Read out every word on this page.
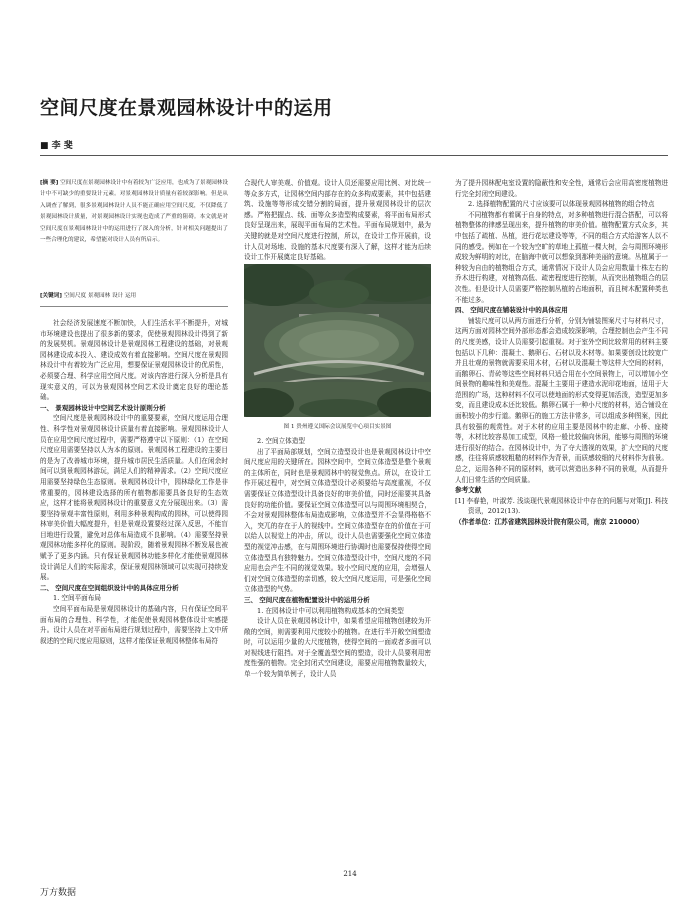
空间尺度在景观园林设计中的运用
■ 李 斐

[摘 要] 空间尺度在景观园林设计中有着较为广泛应用，也成为了景观园林设计中不可缺少的重要设计元素。对景观园林设计质量有着较深影响。但是从入调查了解到，很多景观园林设计人员不能正确应用空间尺度，不仅降低了景观园林设计质量，对景观园林设计实现也造成了严重的阻碍。本文就是对空间尺度在景观园林设计中的运用进行了深入的分析，针对相关问题提出了一些合理化的建议，希望能对设计人员有所启示。

[关键词] 空间尺度 景观园林 设计 运用

社会经济发展速度不断加快，人们生活水平不断提升，对城市环境建设也提出了很多新的要求，促使景观园林设计得到了新的发展契机。景观园林设计是景观园林工程建设的基础，对景观园林建设成本投入、建设成效有着直接影响。空间尺度在景观园林设计中有着较为广泛应用，想要保证景观园林设计的优质性，必须要合理、科学应用空间尺度。对该内容进行深入分析是具有现实意义的，可以为景观园林空间艺术设计奠定良好的理论基础。

一、 景观园林设计中空间艺术设计原则分析

空间尺度是景观园林设计中的重要要素，空间尺度运用合理性、科学性对景观园林设计质量有着直接影响。景观园林设计人员在应用空间尺度过程中，需要严格遵守以下原则：（1）在空间尺度应用需要坚持以人为本的原则。景观园林工程建设的主要目的是为了改善城市环境，提升城市居民生活质量。人们在闲余时间可以到景观园林游玩，满足人们的精神需求。（2）空间尺度应用需要坚持绿色生态原则。景观园林设计中，园林绿化工作是非常重要的，园林建设选择的所有植物都需要具备良好的生态效应，这样才能将景观园林设计的重要意义充分展现出来。（3）需要坚持景观丰富性原则，利用多种景观构成的园林，可以使得园林审美价值大幅度提升，但是景观设置要经过深入反思，不能盲目地进行设置，避免对总体布局造成不良影响。（4）需要坚持景观园林功能多样化的原则。现阶段，随着景观园林不断发展也被赋予了更多内涵。只有保证景观园林功能多样化才能使景观园林设计满足人们的实际需求，保证景观园林领域可以实现可持续发展。

二、 空间尺度在空间组织设计中的具体应用分析

1. 空间平面布局

空间平面布局是景观园林设计的基础内容，只有保证空间平面布局的合理性、科学性，才能促使景观园林整体设计实感提升。设计人员在对平面布局进行规划过程中，需要坚持上文中所叙述的空间尺度应用原则，这样才能保证景观园林整体布局符

合现代人审美观、价值观。设计人员还需要应用比例、对比统一等众多方式，让园林空间内部存在的众多构成要素，其中包括建筑、设施等等形成交错分割的局面，提升景观园林设计的层次感。严格把握点、线、面等众多造型构成要素，将平面布局形式良好呈现出来，展现平面布局的艺术性。平面布局规划中，最为关键的就是对空间尺度进行控制，所以，在设计工作开展前，设计人员对场地、设施的基本尺度要有深入了解，这样才能为后续设计工作开展奠定良好基础。

图 1 贵州遵义国际会议展览中心项目实景图

2. 空间立体造型

出了平面局部规划，空间立造型设计也是景观园林设计中空间尺度应用的关键所在。园林空间中，空间立体造型是整个景观的主体所在，同时也是景观园林中的视觉焦点。所以，在设计工作开展过程中，对空间立体造型设计必须要给与高度重视，不仅需要保证立体造型设计具备良好的审美价值，同时还需要其具备良好的功能价值。要保证空间立体造型可以与周围环境相契合，不会对景观园林整体布局造成影响，立体造型并不会显得格格不入，突兀的存在于人的视线中。空间立体造型存在的价值在于可以给人以视觉上的冲击，所以，设计人员也需要强化空间立体造型的视觉冲击感，在与周围环境进行协调时也需要保持使得空间立体造型具有独特魅力。空间立体造型设计中，空间尺度的不同应用也会产生不同的视觉效果。较小空间尺度的应用，会增强人们对空间立体造型的亲切感，较大空间尺度运用，可是强化空间立体造型的气势。

三、 空间尺度在植物配置设计中的运用分析

1. 在园林设计中可以利用植物构成基本的空间类型

设计人员在景观园林设计中，如果希望应用植物创建较为开敞的空间，则需要利用尺度较小的植物。在进行半开敞空间塑造时，可以运用少量的大尺度植物，使得空间的一面或者多面可以对视线进行阻挡。对于全覆盖型空间的塑造，设计人员要利用密度性强的植物。完全封闭式空间建设，需要应用植物数量较大，单一个较为简单例子，设计人员

为了提升园林配电室设置的隐蔽性和安全性，通常后会应用高密度植物进行完全封闭空间建设。

2. 选择植物配置的尺寸应该要可以体现景观园林植物的组合特点

不同植物都有着属于自身的特点，对多种植物进行混合搭配，可以将植物整体的律感呈现出来，提升植物的审美价值。植物配置方式众多，其中包括了疏植、丛植，进行花坛建设等等，不同的组合方式给游客人以不同的感受。例如在一个较为空旷的草地上孤植一棵大树，会与周围环境形成较为鲜明的对比，在脑海中就可以想象到那种美丽的意境。丛植属于一种较为自由的植物组合方式，通常情况下设计人员会应用数量十株左右的乔木进行构建，对植物高低、疏密程度进行控制，从而突出植物组合的层次性。但是设计人员需要严格控制丛植的占地面积，而且树木配置种类也不能过多。

四、 空间尺度在铺装设计中的具体应用

铺装尺度可以从两方面进行分析，分别为铺装图案尺寸与材料尺寸，这两方面对园林空间外部形态都会造成较深影响，合理控制也会产生不同的尺度美感，设计人员需要引起重视。对于室外空间比较常用的材料主要包括以下几种：混凝土、鹅卵石、石材以及木材等。如果要创设比较宽广并且壮观的景物就需要采用木材，石材以及混凝土等这样大空间的材料，而鹅卵石、青砖等这些空间材料只适合用在小空间景物上，可以增加小空间景物的趣味性和美观性。混凝土主要用于建造水泥印花地面，适用于大范围的广场，这种材料不仅可以使地面的形式变得更加活泼，造型更加多变，而且建设成本还比较低。鹅卵石属于一种小尺度的材料，适合铺设在面积较小的步行道。鹅卵石的施工方法非常多，可以组成多种图案，因此具有较强的观赏性。对于木材的应用主要是园林中的走廊、小桥、座椅等，木材比较容易加工成型，风格一般比较偏向休闲，能够与周围的环境进行很好的结合。在园林设计中，为了夺大透视的效果，扩大空间的尺度感，往往将质感较粗糙的材料作为背景，而质感较细的尺材料作为前景。总之，运用各种不同的原材料，就可以营造出多种不同的景观，从而提升人们日常生活的空间质量。

参考文献

[1] 李春艳，叶淑芳. 浅谈现代景观园林设计中存在的问题与对策[J]. 科技资讯，2012(13).

（作者单位：江苏省建筑园林设计院有限公司，南京 210000）

214
万方数据
